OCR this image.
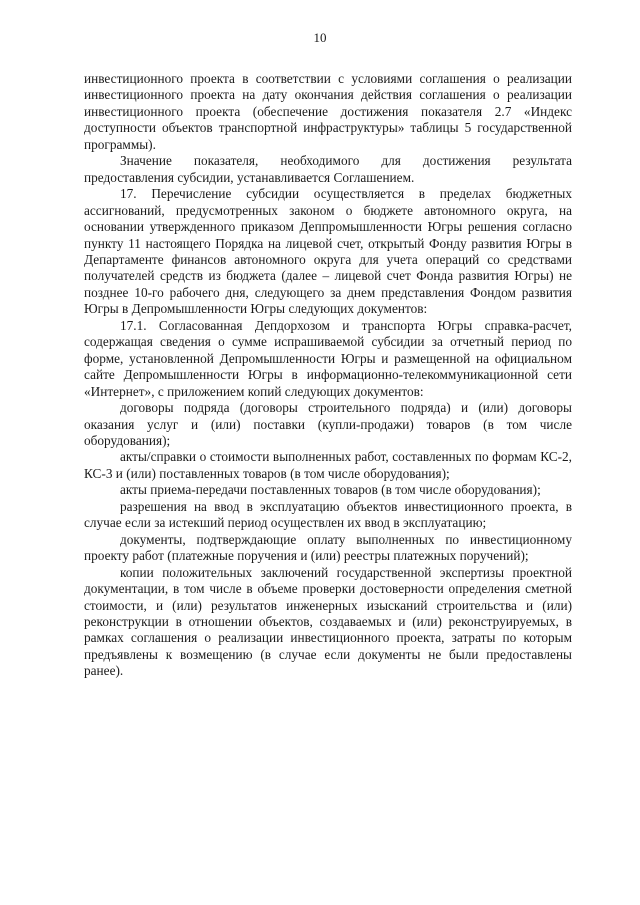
10

инвестиционного проекта в соответствии с условиями соглашения о реализации инвестиционного проекта на дату окончания действия соглашения о реализации инвестиционного проекта (обеспечение достижения показателя 2.7 «Индекс доступности объектов транспортной инфраструктуры» таблицы 5 государственной программы).

Значение показателя, необходимого для достижения результата предоставления субсидии, устанавливается Соглашением.

17. Перечисление субсидии осуществляется в пределах бюджетных ассигнований, предусмотренных законом о бюджете автономного округа, на основании утвержденного приказом Деппромышленности Югры решения согласно пункту 11 настоящего Порядка на лицевой счет, открытый Фонду развития Югры в Департаменте финансов автономного округа для учета операций со средствами получателей средств из бюджета (далее – лицевой счет Фонда развития Югры) не позднее 10-го рабочего дня, следующего за днем представления Фондом развития Югры в Депромышленности Югры следующих документов:

17.1. Согласованная Депдорхозом и транспорта Югры справка-расчет, содержащая сведения о сумме испрашиваемой субсидии за отчетный период по форме, установленной Депромышленности Югры и размещенной на официальном сайте Депромышленности Югры в информационно-телекоммуникационной сети «Интернет», с приложением копий следующих документов:

договоры подряда (договоры строительного подряда) и (или) договоры оказания услуг и (или) поставки (купли-продажи) товаров (в том числе оборудования);

акты/справки о стоимости выполненных работ, составленных по формам КС-2, КС-3 и (или) поставленных товаров (в том числе оборудования);

акты приема-передачи поставленных товаров (в том числе оборудования);

разрешения на ввод в эксплуатацию объектов инвестиционного проекта, в случае если за истекший период осуществлен их ввод в эксплуатацию;

документы, подтверждающие оплату выполненных по инвестиционному проекту работ (платежные поручения и (или) реестры платежных поручений);

копии положительных заключений государственной экспертизы проектной документации, в том числе в объеме проверки достоверности определения сметной стоимости, и (или) результатов инженерных изысканий строительства и (или) реконструкции в отношении объектов, создаваемых и (или) реконструируемых, в рамках соглашения о реализации инвестиционного проекта, затраты по которым предъявлены к возмещению (в случае если документы не были предоставлены ранее).
